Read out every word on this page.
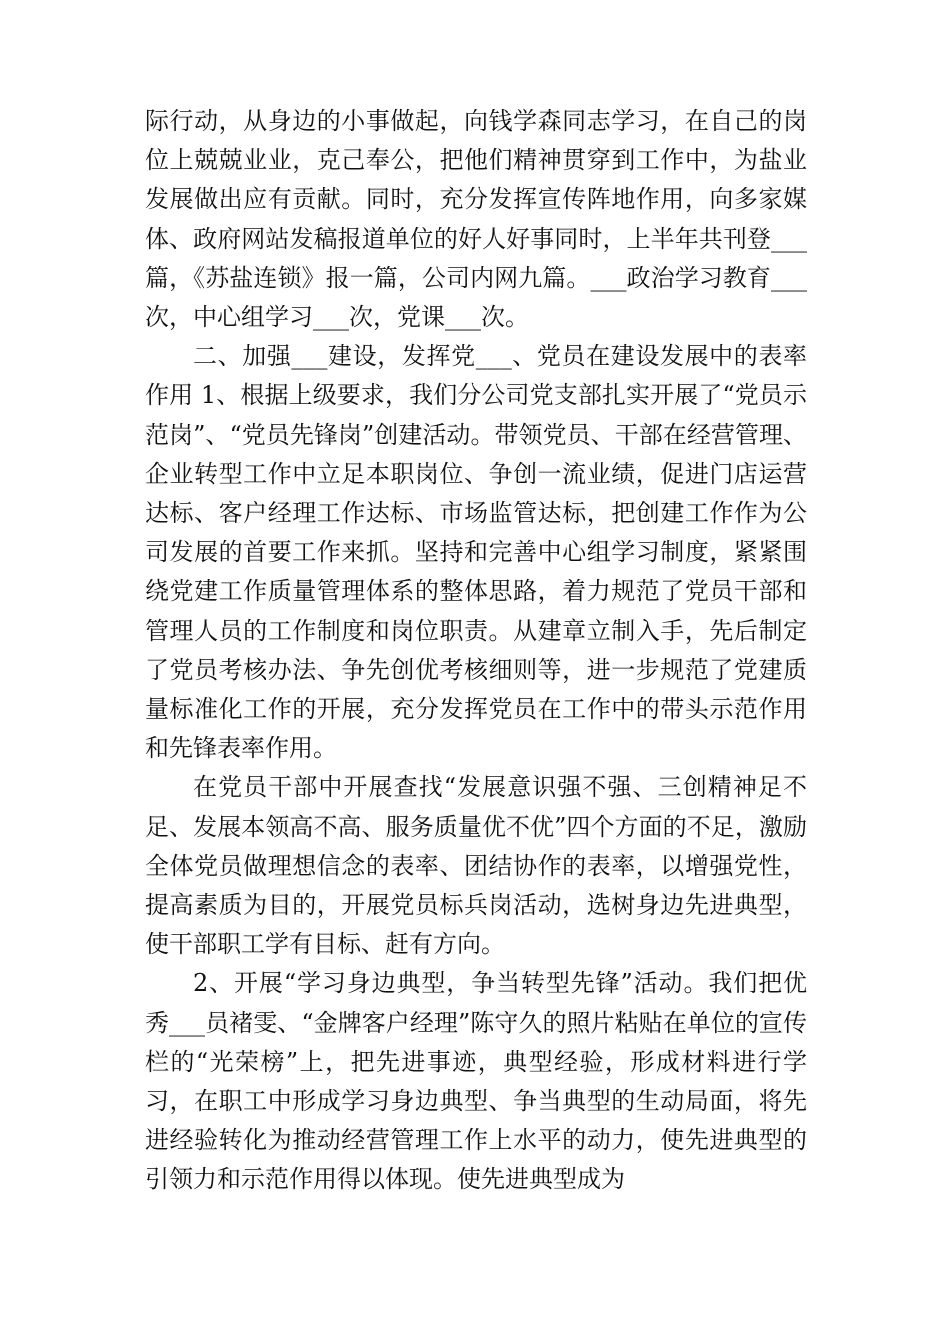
际行动，从身边的小事做起，向钱学森同志学习，在自己的岗位上兢兢业业，克己奉公，把他们精神贯穿到工作中，为盐业发展做出应有贡献。同时，充分发挥宣传阵地作用，向多家媒体、政府网站发稿报道单位的好人好事同时，上半年共刊登___篇，《苏盐连锁》报一篇，公司内网九篇。___政治学习教育___次，中心组学习___次，党课___次。

二、加强___建设，发挥党___、党员在建设发展中的表率作用 1、根据上级要求，我们分公司党支部扎实开展了“党员示范岗”、“党员先锋岗”创建活动。带领党员、干部在经营管理、企业转型工作中立足本职岗位、争创一流业绩，促进门店运营达标、客户经理工作达标、市场监管达标，把创建工作作为公司发展的首要工作来抓。坚持和完善中心组学习制度，紧紧围绕党建工作质量管理体系的整体思路，着力规范了党员干部和管理人员的工作制度和岗位职责。从建章立制入手，先后制定了党员考核办法、争先创优考核细则等，进一步规范了党建质量标准化工作的开展，充分发挥党员在工作中的带头示范作用和先锋表率作用。

在党员干部中开展查找“发展意识强不强、三创精神足不足、发展本领高不高、服务质量优不优”四个方面的不足，激励全体党员做理想信念的表率、团结协作的表率，以增强党性，提高素质为目的，开展党员标兵岗活动，选树身边先进典型，使干部职工学有目标、赶有方向。

2、开展“学习身边典型，争当转型先锋”活动。我们把优秀___员褚雯、“金牌客户经理”陈守久的照片粘贴在单位的宣传栏的“光荣榜”上，把先进事迹，典型经验，形成材料进行学习，在职工中形成学习身边典型、争当典型的生动局面，将先进经验转化为推动经营管理工作上水平的动力，使先进典型的引领力和示范作用得以体现。使先进典型成为
